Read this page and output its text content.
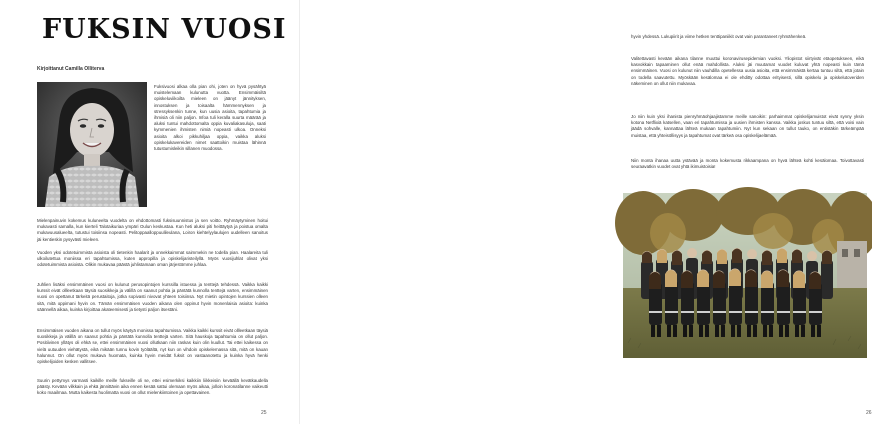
FUKSIN VUOSI
Kirjoittanut Camilla Olliterva

Fuksivuosi alkaa olla pian ohi, joten on hyvä pysähtyä muistelemaan kulunutta vuotta. Ensimmäisiltä opiskeluviikoilta mieleen on jäänyt jännityksen, innostuksen ja toisaalta hämmennyksen ja stressyksenkin tunne, kun uusia asioita, tapahtumia ja ihmisiä oli niin paljon. Infoa tuli keralla suurta määrää ja aluksi tuntui mahdottomalta oppia kuvaliakasuluja, saati kymmenien ihmisten nimiä nopeasti ulkoa. Onneksi asioita alkoi pikkuhiljaa oppia, vaikka aluksi opiskelukavereiden nimet saattoikin muistaa lähinnä tutustumisleikin sillanen muodossa.

Mielenpainuvin kokemus kuluneelta vuodelta on ehdottomasti fuksisuunnistus ja sen voitto. Ryhmäytyminen hoitui mukavasti samalla, kun kierteli Talotaikuriaa ympäri Oulun keskustaa. Kun heti aluksi piti heittäytyä ja poistua omalta mukavuusalueelta, tutustui toisiinsa nopeasti. Pelitoppaalloppuulileulana, Loiron kiehtelyylaulujen uudelleen sanoitus jäi kentieskin pysyvästi mieleen.

Vuoden yksi odotetuimmista asioista oli tietenkin haalarit ja onnekkaimmat saimmekin ne todella pian. Haalareita tuli ulkoilutettua moniissa eri tapahtumissa, kuten appropilla ja opiskelijaristeilyllä. Myös vuosijuhlat olivat yksi odotetuimmista asioista. Olikin mukavaa päästä juhlistamaan oman järjestömme juhlaa.

Juhlien lisäksi ensimmäinen vuosi on kulunut perusopintojen kurssilla istuessa ja tenttejä tehdessä. Vaikka kaikki kurssit eivät ollleetkaan täysiä suosikkeja ja välillä on saanut pohtia ja päntätä kunnolla tenttejä varten, ensimmäinen vuosi on opettanut tärkeitä perustaitoja, jotka sopivasti nivovat yhteen toisiinsa. Nyt mietin opintojen kurssien olleen sitä, mitä oppimani hyvin on. Tämän ensimmäisen vuoden aikana olen oppinut hyvin monenlaisia asioita: kuinka säännellä aikaa, kuinka kirjoittaa akateemisesti ja tietysti paljon itsestäni.

Ensimmäisen vuoden aikana on tullut myös käytyä monissa tapahtumissa. Vaikka kaikki kurssit eivät ollleetkaan täysiä suosikkeja ja välillä on saanut pohtia ja päntätä kunnolla tenttejä varten. Sitä hauskoja tapahtumia on ollut paljon. Positiivinen yllätys oli ehkä se, ettei ensimmäinen vuosi ollutkaan niin raskas kuin olin kuullut. Tai ettei kaikessa on vielä uutuuden viehätystä, eikä mikään tunnu kovin työläältä, nyt kun on vihdoin opiskelemassa sitä, mitä on kauan halunnut. On ollut myös mukava huomata, kuinka hyvin meidät fuksit on vastaanotettu ja kuinka hyvä henki opiskelijoiden kesken vallitsee.

Suurin pettymys varmasti kaikille meille fukseille oli se, ettei esimerkiksi kaikkiin liikkeisiin keväällä kevätkaudella päästy. Kevään vilkkain ja ehkä jännittävin aika ennen kesää sattui olemaan myös aikaa, jolloin koronatilanne vaikeutti koko maailmaa. Mutta kaikesta huolimatta vuosi on ollut mielenkiintoinen ja opettavainen.

25

hyvin yhdessä. Lukupiirit ja viime hetken tenttipaniikit ovat vain parantaneet ryhmähenkeä.

Valitettavasti kevään aikana tilanne muuttui koronavirusepidemian vuoksi. Yliopistot siirtyivät etäopetukseen, eikä kasvokkain tapaaminen ollut enää mahdollista. Aluksi jäi muutamat vuodet kuluvat yhtä nopeasti kuin tämä ensimmäinen. Vuosi on kulunut niin vauhdilla opetellessa uusia asioita, että ensimmäistä kertaa tuntuu siltä, että jotain on todella saavutettu. Myöskään kesälomaa ei ole ehditty odottaa erityisesti, sillä opiskelu ja opiskelutoveriden näkeminen on ollut niin mukavaa.

Jo niin kuin yksi ihanista pienryhmäohjaajistamme meille sanoikin: parhaimmat opiskelijamuistot eivät synny yksin kotona Netflixiä katsellen, vaan eri tapahtumissa ja uusien ihmisten kanssa. Vaikka joskus tuntuu siltä, että voisi vain jäädä sohvalle, kannattaa lähteä mukaan tapahtumiin. Nyt kun sekaan on tullut tauko, on entistäkin tärkeämpää muistaa, että yhteisöllisyys ja tapahtumat ovat tärkeä osa opiskelijaelämää.

Niin monta ihanaa uutta ystävää ja monta kokemusta rikkaampana on hyvä lähteä kohti kesälomaa. Toivottavasti seuraavatkin vuodet ovat yhtä ikimuistoisia!

26
